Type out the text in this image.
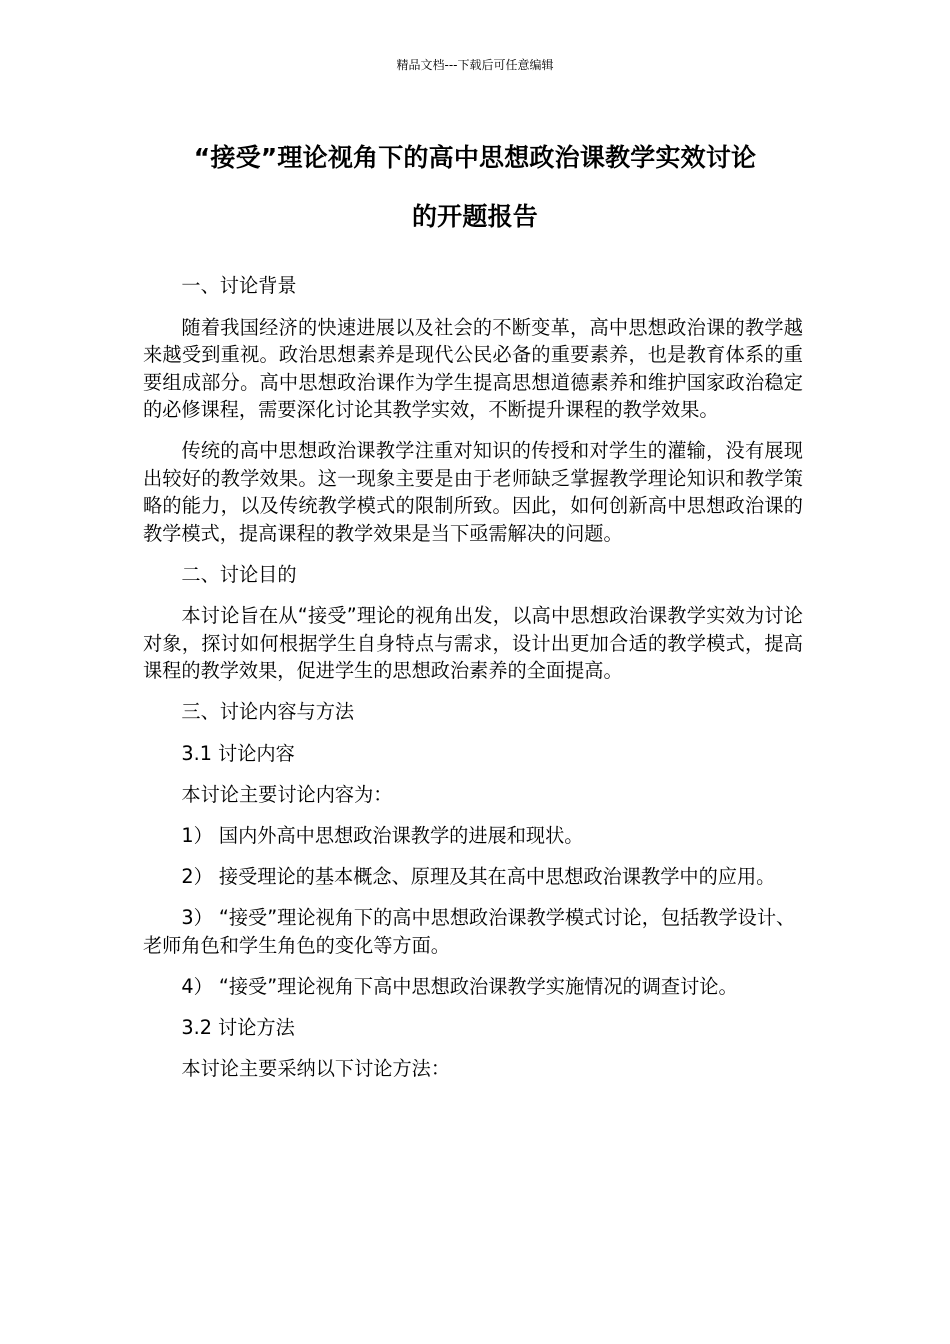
精品文档---下载后可任意编辑
“接受”理论视角下的高中思想政治课教学实效讨论
的开题报告

一、讨论背景

随着我国经济的快速进展以及社会的不断变革，高中思想政治课的教学越来越受到重视。政治思想素养是现代公民必备的重要素养，也是教育体系的重要组成部分。高中思想政治课作为学生提高思想道德素养和维护国家政治稳定的必修课程，需要深化讨论其教学实效，不断提升课程的教学效果。

传统的高中思想政治课教学注重对知识的传授和对学生的灌输，没有展现出较好的教学效果。这一现象主要是由于老师缺乏掌握教学理论知识和教学策略的能力，以及传统教学模式的限制所致。因此，如何创新高中思想政治课的教学模式，提高课程的教学效果是当下亟需解决的问题。

二、讨论目的

本讨论旨在从“接受”理论的视角出发，以高中思想政治课教学实效为讨论对象，探讨如何根据学生自身特点与需求，设计出更加合适的教学模式，提高课程的教学效果，促进学生的思想政治素养的全面提高。

三、讨论内容与方法

3.1 讨论内容

本讨论主要讨论内容为：

1） 国内外高中思想政治课教学的进展和现状。

2） 接受理论的基本概念、原理及其在高中思想政治课教学中的应用。

3） “接受”理论视角下的高中思想政治课教学模式讨论，包括教学设计、老师角色和学生角色的变化等方面。

4） “接受”理论视角下高中思想政治课教学实施情况的调查讨论。

3.2 讨论方法

本讨论主要采纳以下讨论方法：
